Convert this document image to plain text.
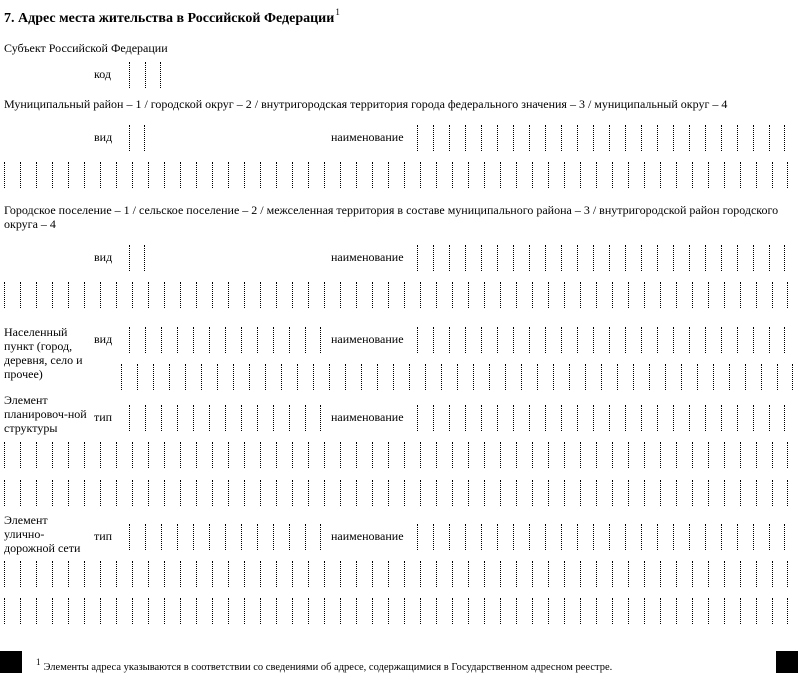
7. Адрес места жительства в Российской Федерации$^1$
Субъект Российской Федерации
код
Муниципальный район – 1 / городской округ – 2 / внутригородская территория города федерального значения – 3 / муниципальный округ – 4
вид	наименование
Городское поселение – 1 / сельское поселение – 2 / межселенная территория в составе муниципального района – 3 / внутригородской район городского округа – 4
вид	наименование
Населенный пункт (город, деревня, село и прочее)
вид	наименование
Элемент планировоч-ной структуры
тип	наименование
Элемент улично-дорожной сети
тип	наименование
$^1$ Элементы адреса указываются в соответствии со сведениями об адресе, содержащимися в Государственном адресном реестре.
